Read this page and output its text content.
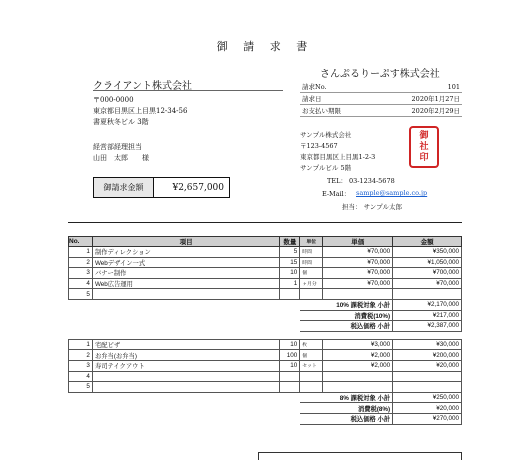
御 請 求 書
クライアント株式会社
〒000-0000
東京都目黒区上目黒12-34-56
書夏秋冬ビル 3階
経営部経理担当
山田　太郎　　様
さんぷるりーぷす株式会社
請求No.	101
請求日	2020年1月27日
お支払い期限	2020年2月29日
サンプル株式会社
〒123-4567
東京都目黒区上目黒1-2-3
サンプルビル 5階
TEL： 03-1234-5678
E-Mail： sample@sample.co.jp
担当： サンプル太郎
御
社
印
御請求金額	¥2,657,000
No.	項目	数量	単位	単価	金額
1	制作ディレクション	5	時間	¥70,000	¥350,000
2	Webデザイン一式	15	時間	¥70,000	¥1,050,000
3	バナー制作	10	個	¥70,000	¥700,000
4	Web広告運用	1	ヶ月分	¥70,000	¥70,000
5					
			10% 課税対象 小計		¥2,170,000
			消費税(10%)		¥217,000
			税込価格 小計		¥2,387,000

1	宅配ピザ	10	枚	¥3,000	¥30,000
2	お弁当(お弁当)	100	個	¥2,000	¥200,000
3	寿司テイクアウト	10	セット	¥2,000	¥20,000
4					
5					
			8% 課税対象 小計		¥250,000
			消費税(8%)		¥20,000
			税込価格 小計		¥270,000
